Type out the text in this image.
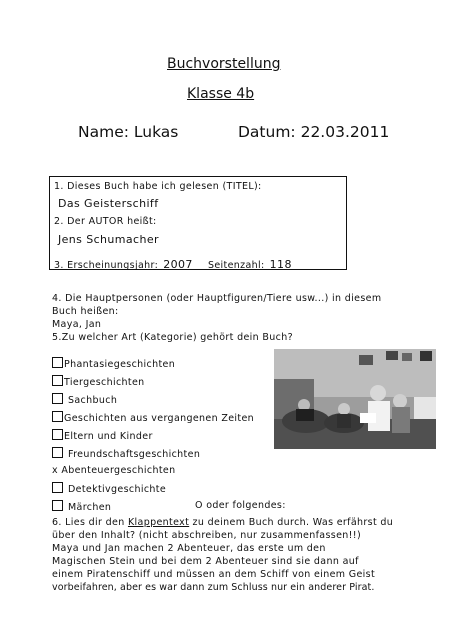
Buchvorstellung
Klasse 4b
Name: Lukas	Datum: 22.03.2011
1. Dieses Buch habe ich gelesen (TITEL):
Das Geisterschiff
2. Der AUTOR heißt:
Jens Schumacher
3. Erscheinungsjahr: 2007 Seitenzahl: 118
4. Die Hauptpersonen (oder Hauptfiguren/Tiere usw...) in diesem
Buch heißen:
Maya, Jan
5.Zu welcher Art (Kategorie) gehört dein Buch?
Phantasiegeschichten
Tiergeschichten
Sachbuch
Geschichten aus vergangenen Zeiten
Eltern und Kinder
Freundschaftsgeschichten
x Abenteuergeschichten
Detektivgeschichte
Märchen	O oder folgendes:
6. Lies dir den Klappentext zu deinem Buch durch. Was erfährst du
über den Inhalt? (nicht abschreiben, nur zusammenfassen!!)
Maya und Jan machen 2 Abenteuer, das erste um den
Magischen Stein und bei dem 2 Abenteuer sind sie dann auf
einem Piratenschiff und müssen an dem Schiff von einem Geist
vorbeifahren, aber es war dann zum Schluss nur ein anderer Pirat.
